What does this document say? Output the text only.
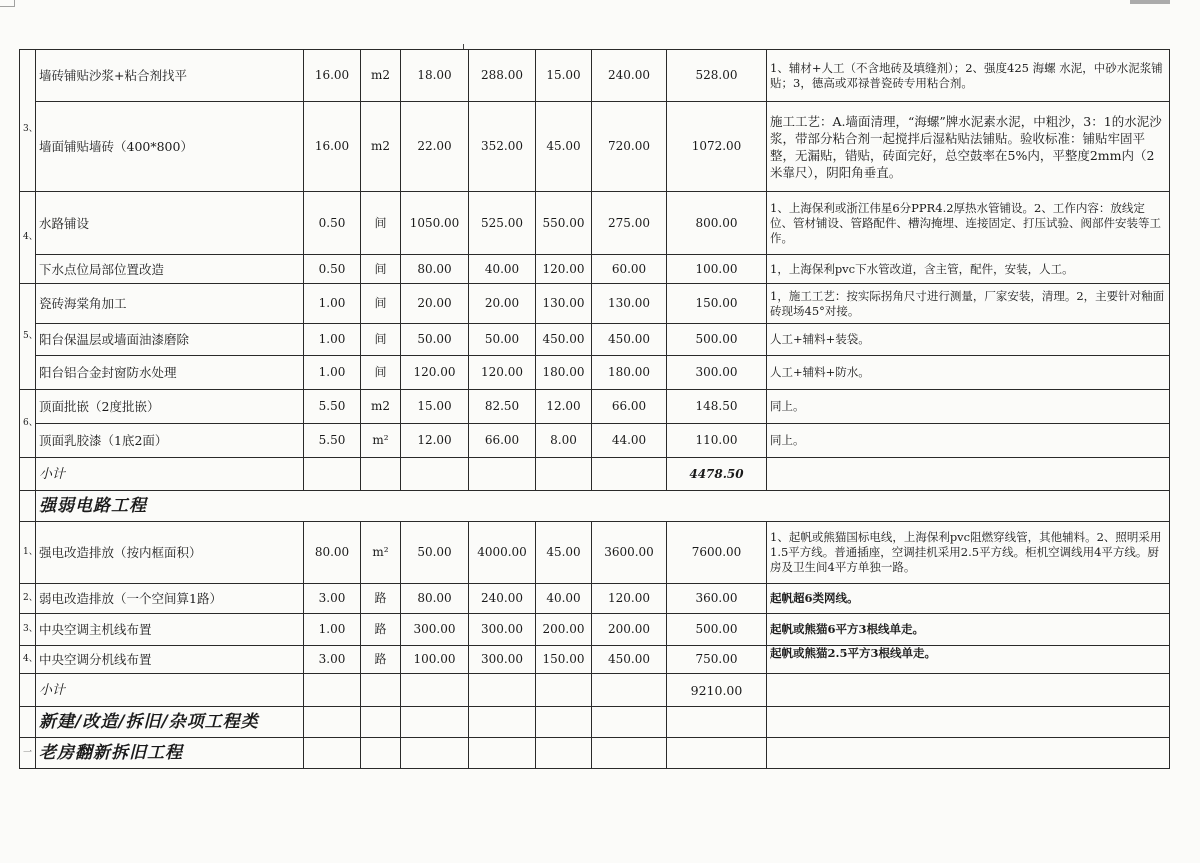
	墙砖铺贴沙浆+粘合剂找平	16.00	m2	18.00	288.00	15.00	240.00	528.00	1、辅材+人工（不含地砖及填缝剂）；2、强度425 海螺 水泥，中砂水泥浆铺贴；3，德高或邓禄普瓷砖专用粘合剂。
3、	墙面铺贴墙砖（400*800）	16.00	m2	22.00	352.00	45.00	720.00	1072.00	施工工艺：A.墙面清理，“海螺”牌水泥素水泥，中粗沙，3：1的水泥沙浆，带部分粘合剂一起搅拌后湿粘贴法铺贴。验收标准：铺贴牢固平整，无漏贴，错贴，砖面完好，总空鼓率在5%内，平整度2mm内（2米靠尺），阴阳角垂直。
4、	水路铺设	0.50	间	1050.00	525.00	550.00	275.00	800.00	1、上海保利或浙江伟星6分PPR4.2厚热水管铺设。2、工作内容：放线定位、管材铺设、管路配件、槽沟掩埋、连接固定、打压试验、阀部件安装等工作。
	下水点位局部位置改造	0.50	间	80.00	40.00	120.00	60.00	100.00	1，上海保利pvc下水管改道，含主管，配件，安装，人工。
5、	瓷砖海棠角加工	1.00	间	20.00	20.00	130.00	130.00	150.00	1，施工工艺：按实际拐角尺寸进行测量，厂家安装，清理。2，主要针对釉面砖现场45°对接。
	阳台保温层或墙面油漆磨除	1.00	间	50.00	50.00	450.00	450.00	500.00	人工+辅料+装袋。
	阳台铝合金封窗防水处理	1.00	间	120.00	120.00	180.00	180.00	300.00	人工+辅料+防水。
6、	顶面批嵌（2度批嵌）	5.50	m2	15.00	82.50	12.00	66.00	148.50	同上。
	顶面乳胶漆（1底2面）	5.50	m²	12.00	66.00	8.00	44.00	110.00	同上。
	小计							4478.50	
	强弱电路工程								
1、	强电改造排放（按内框面积）	80.00	m²	50.00	4000.00	45.00	3600.00	7600.00	1、起帆或熊猫国标电线，上海保利pvc阻燃穿线管，其他辅料。2、照明采用1.5平方线。普通插座，空调挂机采用2.5平方线。柜机空调线用4平方线。厨房及卫生间4平方单独一路。
2、	弱电改造排放（一个空间算1路）	3.00	路	80.00	240.00	40.00	120.00	360.00	起帆超6类网线。
3、	中央空调主机线布置	1.00	路	300.00	300.00	200.00	200.00	500.00	起帆或熊猫6平方3根线单走。
4、	中央空调分机线布置	3.00	路	100.00	300.00	150.00	450.00	750.00	起帆或熊猫2.5平方3根线单走。
	小计							9210.00	
	新建/改造/拆旧/杂项工程类								
一	老房翻新拆旧工程								
